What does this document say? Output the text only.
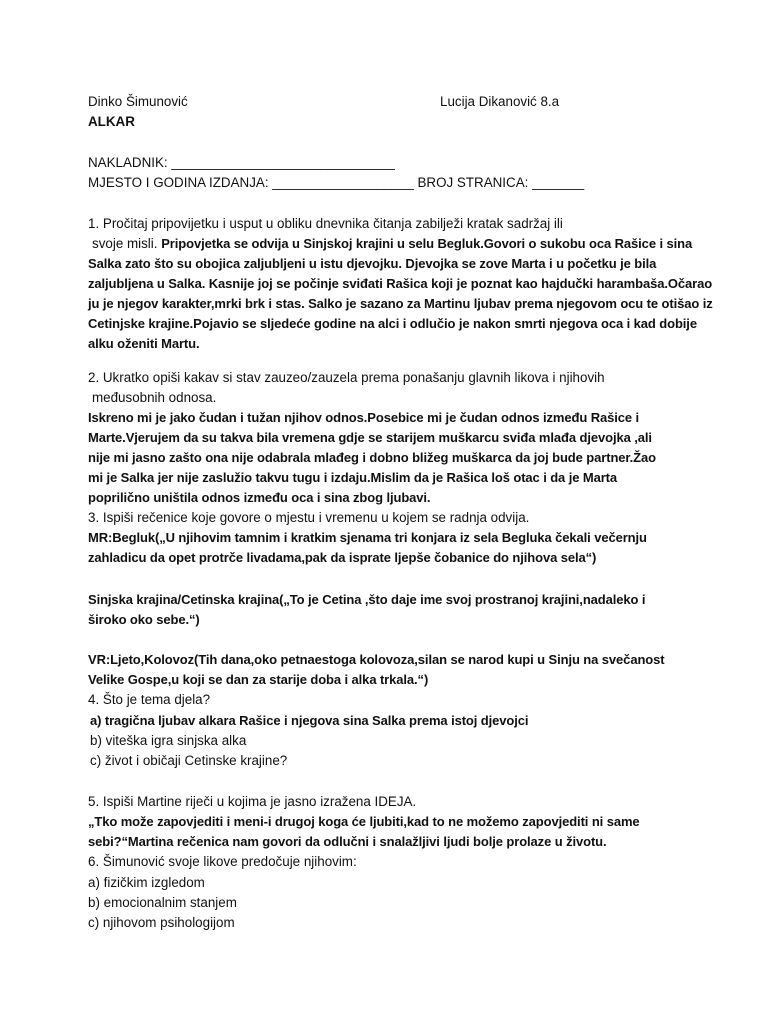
Dinko Šimunović	Lucija Dikanović 8.a
ALKAR
NAKLADNIK: ______________________________
MJESTO I GODINA IZDANJA: ___________________ BROJ STRANICA: _______
1. Pročitaj pripovijetku i usput u obliku dnevnika čitanja zabilježi kratak sadržaj ili
svoje misli. Pripovjetka se odvija u Sinjskoj krajini u selu Begluk.Govori o sukobu oca Rašice i sina
Salka zato što su obojica zaljubljeni u istu djevojku. Djevojka se zove Marta i u početku je bila
zaljubljena u Salka. Kasnije joj se počinje sviđati Rašica koji je poznat kao hajdučki harambaša.Očarao
ju je njegov karakter,mrki brk i stas. Salko je sazano za Martinu ljubav prema njegovom ocu te otišao iz
Cetinjske krajine.Pojavio se sljedeće godine na alci i odlučio je nakon smrti njegova oca i kad dobije
alku oženiti Martu.
2. Ukratko opiši kakav si stav zauzeo/zauzela prema ponašanju glavnih likova i njihovih
međusobnih odnosa.
Iskreno mi je jako čudan i tužan njihov odnos.Posebice mi je čudan odnos između Rašice i
Marte.Vjerujem da su takva bila vremena gdje se starijem muškarcu sviđa mlađa djevojka ,ali
nije mi jasno zašto ona nije odabrala mlađeg i dobno bližeg muškarca da joj bude partner.Žao
mi je Salka jer nije zaslužio takvu tugu i izdaju.Mislim da je Rašica loš otac i da je Marta
poprilično uništila odnos između oca i sina zbog ljubavi.
3. Ispiši rečenice koje govore o mjestu i vremenu u kojem se radnja odvija.
MR:Begluk(„U njihovim tamnim i kratkim sjenama tri konjara iz sela Begluka čekali večernju
zahladicu da opet protrče livadama,pak da isprate ljepše čobanice do njihova sela“)
Sinjska krajina/Cetinska krajina(„To je Cetina ,što daje ime svoj prostranoj krajini,nadaleko i
široko oko sebe.“)
VR:Ljeto,Kolovoz(Tih dana,oko petnaestoga kolovoza,silan se narod kupi u Sinju na svečanost
Velike Gospe,u koji se dan za starije doba i alka trkala.“)
4. Što je tema djela?
a) tragična ljubav alkara Rašice i njegova sina Salka prema istoj djevojci
b) viteška igra sinjska alka
c) život i običaji Cetinske krajine?
5. Ispiši Martine riječi u kojima je jasno izražena IDEJA.
„Tko može zapovjediti i meni-i drugoj koga će ljubiti,kad to ne možemo zapovjediti ni same
sebi?“Martina rečenica nam govori da odlučni i snalažljivi ljudi bolje prolaze u životu.
6. Šimunović svoje likove predočuje njihovim:
a) fizičkim izgledom
b) emocionalnim stanjem
c) njihovom psihologijom
